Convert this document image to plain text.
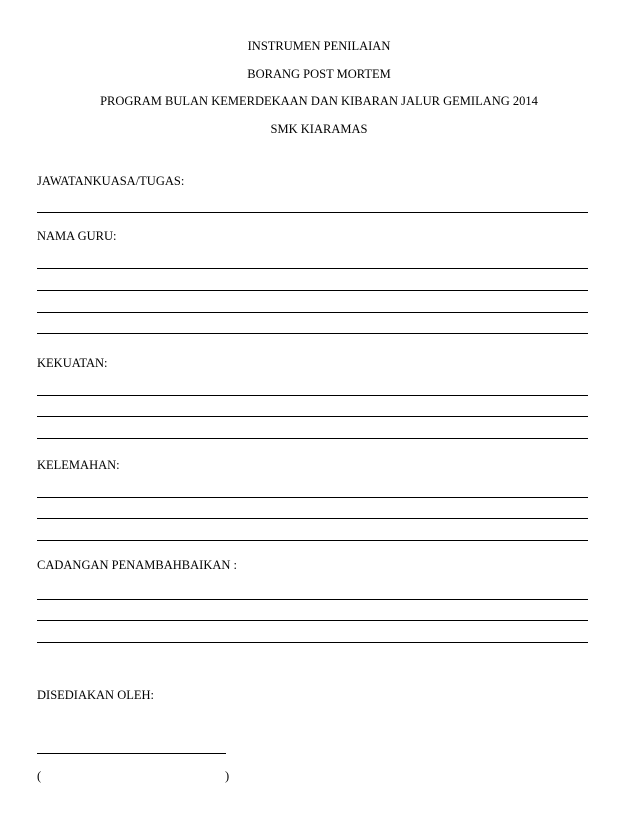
INSTRUMEN PENILAIAN
BORANG POST MORTEM
PROGRAM BULAN KEMERDEKAAN DAN KIBARAN JALUR GEMILANG 2014
SMK KIARAMAS
JAWATANKUASA/TUGAS:
NAMA GURU:
KEKUATAN:
KELEMAHAN:
CADANGAN PENAMBAHBAIKAN :
DISEDIAKAN OLEH:
(	)
